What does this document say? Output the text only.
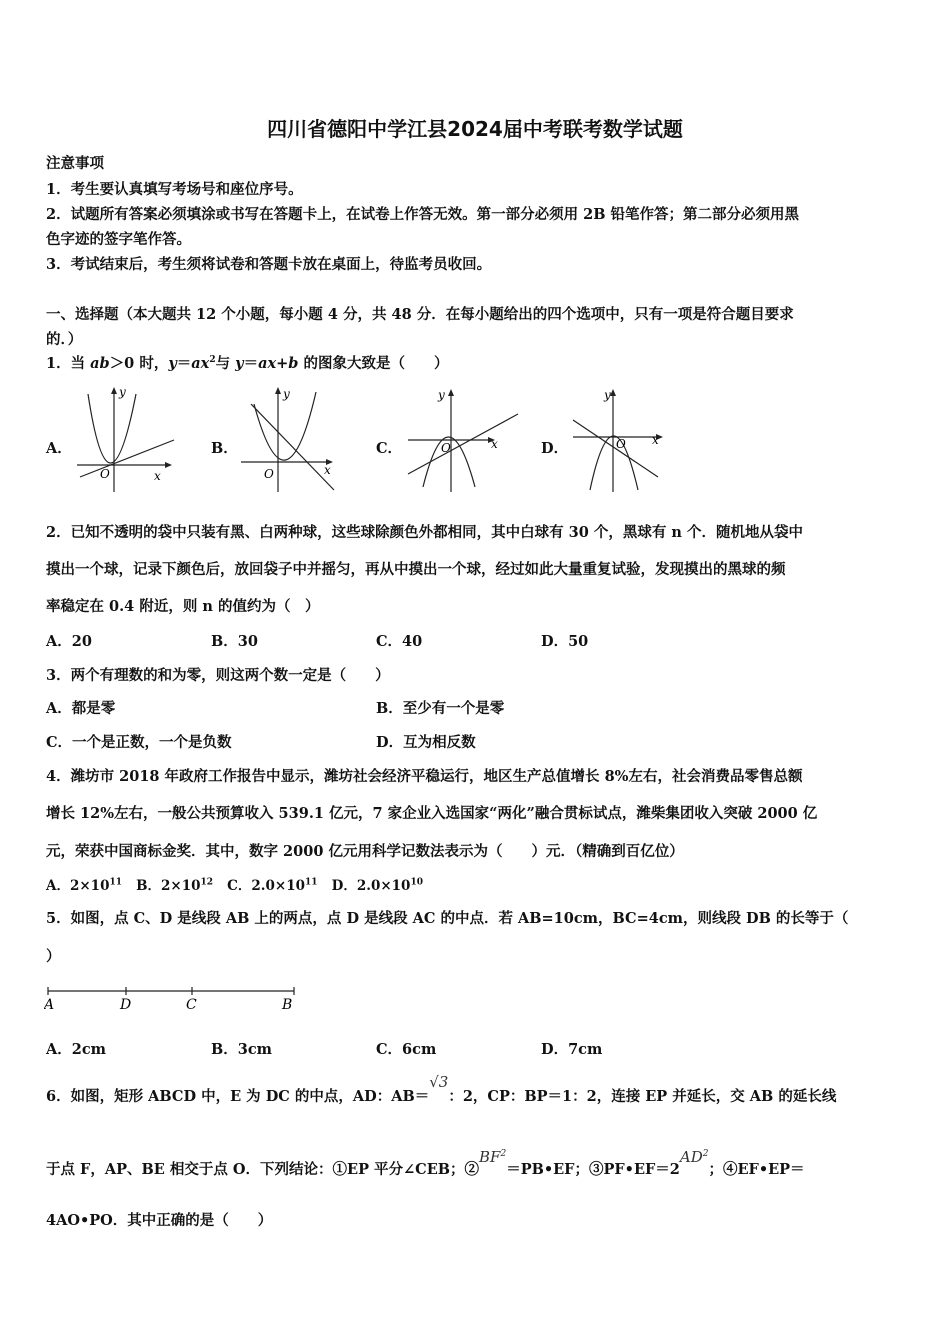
四川省德阳中学江县2024届中考联考数学试题
注意事项
1．考生要认真填写考场号和座位序号。
2．试题所有答案必须填涂或书写在答题卡上，在试卷上作答无效。第一部分必须用 2B 铅笔作答；第二部分必须用黑
色字迹的签字笔作答。
3．考试结束后，考生须将试卷和答题卡放在桌面上，待监考员收回。
一、选择题（本大题共 12 个小题，每小题 4 分，共 48 分．在每小题给出的四个选项中，只有一项是符合题目要求
的．）
1．当 ab＞0 时，$y=ax^2$与 y＝ax+b 的图象大致是（　　）
A．
y
x
O
B．
y
x
O
C．
y
x
O	D．
y
x
O
2．已知不透明的袋中只装有黑、白两种球，这些球除颜色外都相同，其中白球有 30 个，黑球有 n 个．随机地从袋中
摸出一个球，记录下颜色后，放回袋子中并摇匀，再从中摸出一个球，经过如此大量重复试验，发现摸出的黑球的频
率稳定在 0.4 附近，则 n 的值约为（　）
A．20	B．30	C．40	D．50
3．两个有理数的和为零，则这两个数一定是（　　）
A．都是零	B．至少有一个是零
C．一个是正数，一个是负数	D．互为相反数
4．潍坊市 2018 年政府工作报告中显示，潍坊社会经济平稳运行，地区生产总值增长 8%左右，社会消费品零售总额
增长 12%左右，一般公共预算收入 539.1 亿元，7 家企业入选国家“两化”融合贯标试点，潍柴集团收入突破 2000 亿
元，荣获中国商标金奖．其中，数字 2000 亿元用科学记数法表示为（　　）元．（精确到百亿位）
A．$2\times 10^{11}$ B．$2\times 10^{12}$ C．$2.0\times 10^{11}$ D．$2.0\times 10^{10}$
5．如图，点 C、D 是线段 AB 上的两点，点 D 是线段 AC 的中点．若 AB=10cm，BC=4cm，则线段 DB 的长等于（
）
A	D	C	B
A．2cm	B．3cm	C．6cm	D．7cm
6．如图，矩形 ABCD 中，E 为 DC 的中点，AD：AB＝√3：2，CP：BP＝1：2，连接 EP 并延长，交 AB 的延长线
于点 F，AP、BE 相交于点 O．下列结论：①EP 平分∠CEB；$②BF^2=PB•EF$；$③PF•EF=2AD^2$；④EF•EP＝
4AO•PO．其中正确的是（　　）
